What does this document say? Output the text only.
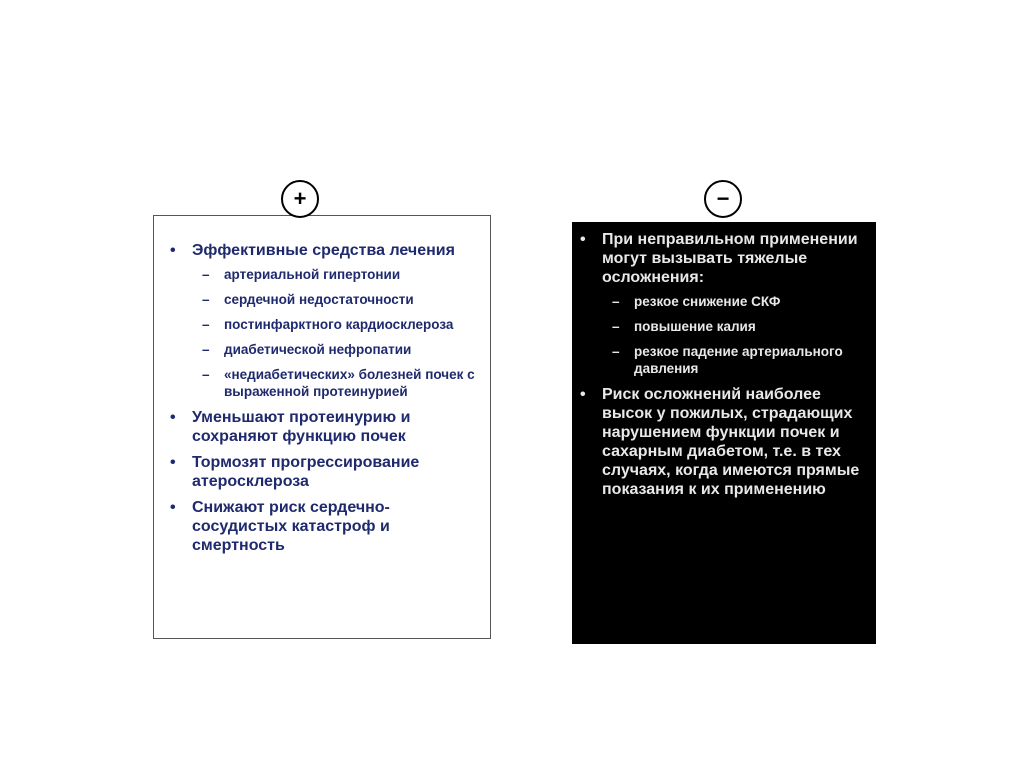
+	−
• Эффективные средства лечения
– артериальной гипертонии
– сердечной недостаточности
– постинфарктного кардиосклероза
– диабетической нефропатии
– «недиабетических» болезней почек с выраженной протеинурией
• Уменьшают протеинурию и сохраняют функцию почек
• Тормозят прогрессирование атеросклероза
• Снижают риск сердечно-сосудистых катастроф и смертность
• При неправильном применении могут вызывать тяжелые осложнения:
– резкое снижение СКФ
– повышение калия
– резкое падение артериального давления
• Риск осложнений наиболее высок у пожилых, страдающих нарушением функции почек и сахарным диабетом, т.е. в тех случаях, когда имеются прямые показания к их применению
